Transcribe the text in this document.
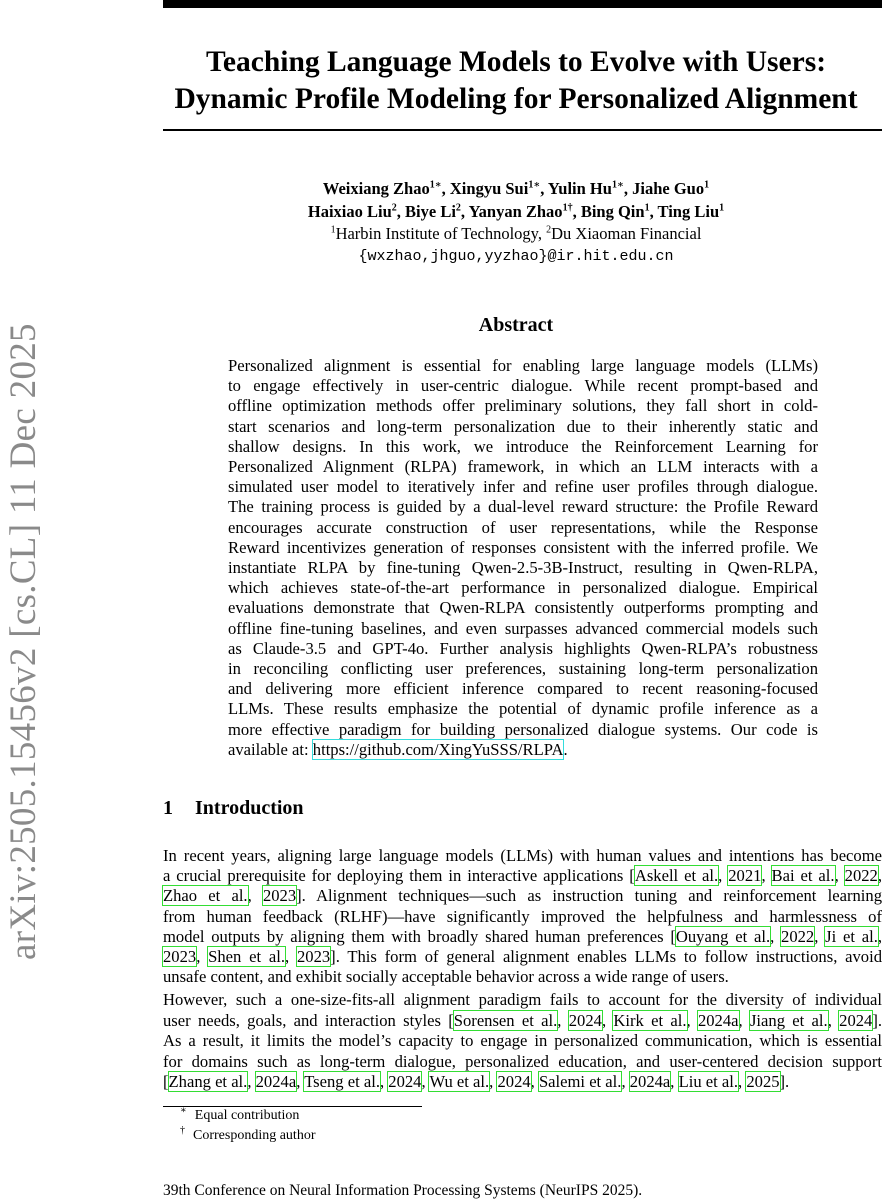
arXiv:2505.15456v2 [cs.CL] 11 Dec 2025
Teaching Language Models to Evolve with Users:
Dynamic Profile Modeling for Personalized Alignment
Weixiang Zhao$^{1∗}$, Xingyu Sui$^{1∗}$, Yulin $Hu^{1∗}$, Jiahe Guo$^1$
Haixiao Liu$^2$, Biye Li$^2$, Yanyan Zhao$^{1\dagger}$, Bing Qin$^1$, Ting Liu$^1$
$^1$Harbin Institute of Technology, $^2$Du Xiaoman Financial
{wxzhao,jhguo,yyzhao}@ir.hit.edu.cn
Abstract
Personalized alignment is essential for enabling large language models (LLMs)
to engage effectively in user-centric dialogue. While recent prompt-based and
offline optimization methods offer preliminary solutions, they fall short in cold-
start scenarios and long-term personalization due to their inherently static and
shallow designs. In this work, we introduce the Reinforcement Learning for
Personalized Alignment (RLPA) framework, in which an LLM interacts with a
simulated user model to iteratively infer and refine user profiles through dialogue.
The training process is guided by a dual-level reward structure: the Profile Reward
encourages accurate construction of user representations, while the Response
Reward incentivizes generation of responses consistent with the inferred profile. We
instantiate RLPA by fine-tuning Qwen-2.5-3B-Instruct, resulting in Qwen-RLPA,
which achieves state-of-the-art performance in personalized dialogue. Empirical
evaluations demonstrate that Qwen-RLPA consistently outperforms prompting and
offline fine-tuning baselines, and even surpasses advanced commercial models such
as Claude-3.5 and GPT-4o. Further analysis highlights Qwen-RLPA’s robustness
in reconciling conflicting user preferences, sustaining long-term personalization
and delivering more efficient inference compared to recent reasoning-focused
LLMs. These results emphasize the potential of dynamic profile inference as a
more effective paradigm for building personalized dialogue systems. Our code is
available at: https://github.com/XingYuSSS/RLPA.
1 Introduction
In recent years, aligning large language models (LLMs) with human values and intentions has become
a crucial prerequisite for deploying them in interactive applications [Askell et al., 2021, Bai et al., 2022,
Zhao et al., 2023]. Alignment techniques—such as instruction tuning and reinforcement learning
from human feedback (RLHF)—have significantly improved the helpfulness and harmlessness of
model outputs by aligning them with broadly shared human preferences [Ouyang et al., 2022, Ji et al.,
2023, Shen et al., 2023]. This form of general alignment enables LLMs to follow instructions, avoid
unsafe content, and exhibit socially acceptable behavior across a wide range of users.
However, such a one-size-fits-all alignment paradigm fails to account for the diversity of individual
user needs, goals, and interaction styles [Sorensen et al., 2024, Kirk et al., 2024a, Jiang et al., 2024].
As a result, it limits the model’s capacity to engage in personalized communication, which is essential
for domains such as long-term dialogue, personalized education, and user-centered decision support
[Zhang et al., 2024a, Tseng et al., 2024, Wu et al., 2024, Salemi et al., 2024a, Liu et al., 2025].
∗ Equal contribution
† Corresponding author
39th Conference on Neural Information Processing Systems (NeurIPS 2025).
